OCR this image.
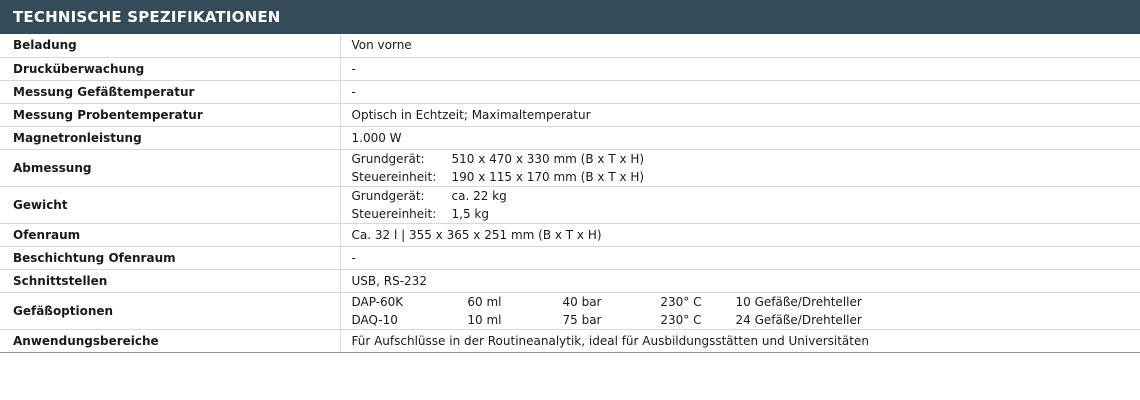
TECHNISCHE SPEZIFIKATIONEN
Beladung	Von vorne
Drucküberwachung	-
Messung Gefäßtemperatur	-
Messung Probentemperatur	Optisch in Echtzeit; Maximaltemperatur
Magnetronleistung	1.000 W
Abmessung	Grundgerät: 510 x 470 x 330 mm (B x T x H)
Steuereinheit: 190 x 115 x 170 mm (B x T x H)

Gewicht	Grundgerät: ca. 22 kg
Steuereinheit: 1,5 kg

Ofenraum	Ca. 32 l | 355 x 365 x 251 mm (B x T x H)
Beschichtung Ofenraum	-
Schnittstellen	USB, RS-232
Gefäßoptionen	DAP-60K 60 ml 40 bar 230° C 10 Gefäße/Drehteller
DAQ-10 10 ml 75 bar 230° C 24 Gefäße/Drehteller

Anwendungsbereiche	Für Aufschlüsse in der Routineanalytik, ideal für Ausbildungsstätten und Universitäten
